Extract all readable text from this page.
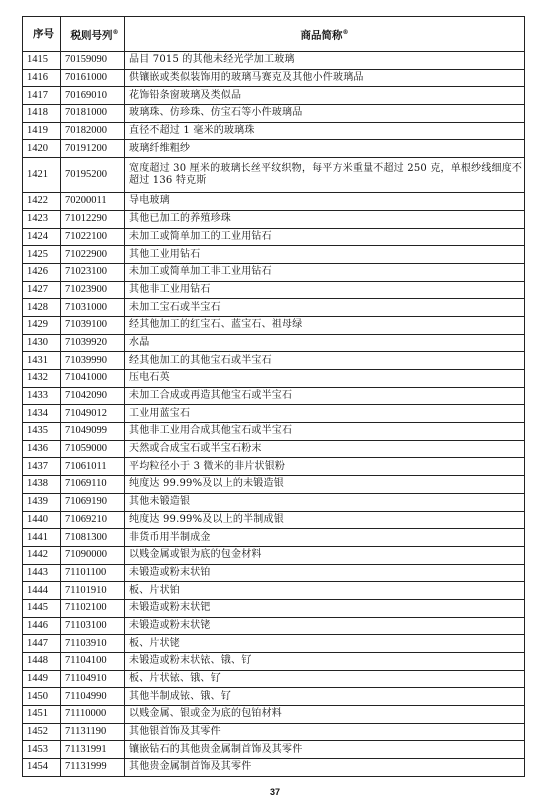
序号	税则号列®	商品简称®
1415	70159090	品目 7015 的其他未经光学加工玻璃
1416	70161000	供镶嵌或类似装饰用的玻璃马赛克及其他小件玻璃品
1417	70169010	花饰铅条窗玻璃及类似品
1418	70181000	玻璃珠、仿珍珠、仿宝石等小件玻璃品
1419	70182000	直径不超过 1 毫米的玻璃珠
1420	70191200	玻璃纤维粗纱
1421	70195200	宽度超过 30 厘米的玻璃长丝平纹织物，每平方米重量不超过 250 克，单根纱线细度不超过 136 特克斯
1422	70200011	导电玻璃
1423	71012290	其他已加工的养殖珍珠
1424	71022100	未加工或简单加工的工业用钻石
1425	71022900	其他工业用钻石
1426	71023100	未加工或简单加工非工业用钻石
1427	71023900	其他非工业用钻石
1428	71031000	未加工宝石或半宝石
1429	71039100	经其他加工的红宝石、蓝宝石、祖母绿
1430	71039920	水晶
1431	71039990	经其他加工的其他宝石或半宝石
1432	71041000	压电石英
1433	71042090	未加工合成或再造其他宝石或半宝石
1434	71049012	工业用蓝宝石
1435	71049099	其他非工业用合成其他宝石或半宝石
1436	71059000	天然或合成宝石或半宝石粉末
1437	71061011	平均粒径小于 3 微米的非片状银粉
1438	71069110	纯度达 99.99%及以上的未锻造银
1439	71069190	其他未锻造银
1440	71069210	纯度达 99.99%及以上的半制成银
1441	71081300	非货币用半制成金
1442	71090000	以贱金属或银为底的包金材料
1443	71101100	未锻造或粉末状铂
1444	71101910	板、片状铂
1445	71102100	未锻造或粉末状钯
1446	71103100	未锻造或粉末状铑
1447	71103910	板、片状铑
1448	71104100	未锻造或粉末状铱、锇、钌
1449	71104910	板、片状铱、锇、钌
1450	71104990	其他半制成铱、锇、钌
1451	71110000	以贱金属、银或金为底的包铂材料
1452	71131190	其他银首饰及其零件
1453	71131991	镶嵌钻石的其他贵金属制首饰及其零件
1454	71131999	其他贵金属制首饰及其零件
37
